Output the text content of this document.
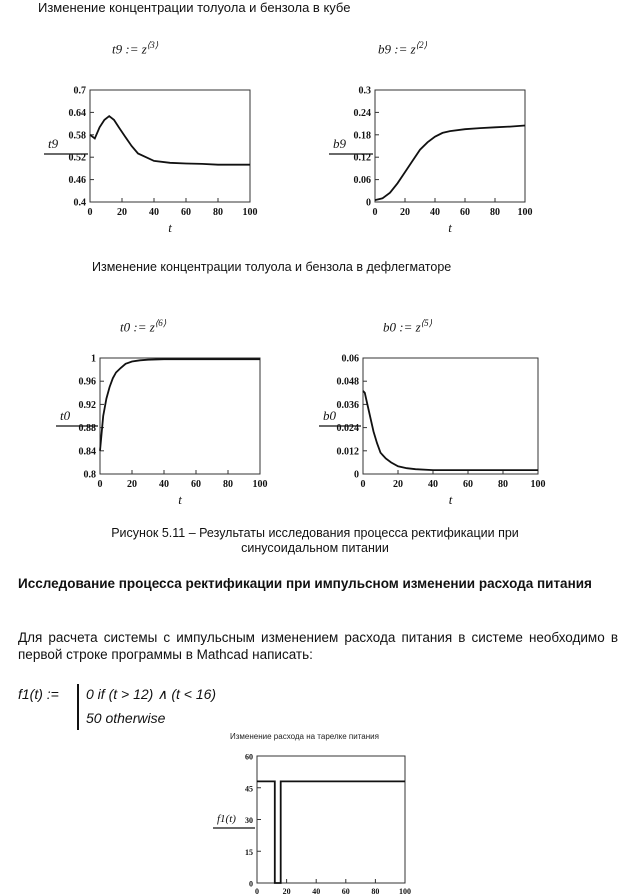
Изменение концентрации толуола и бензола в кубе
t9 := $z^{⟨3⟩}$	b9 := $z^{⟨2⟩}$
Изменение концентрации толуола и бензола в дефлегматоре
t0 := $z^{⟨6⟩}$	b0 := $z^{⟨5⟩}$
0.7
0.64
0.58
0.52
0.46
0.4
0 20 40 60 80 100
t
t9
0.3
0.24
0.18
0.12
0.06
0
0 20 40 60 80 100
t
b9
1
0.96
0.92
0.88
0.84
0.8
0 20 40 60 80 100
t
t0
0.06
0.048
0.036
0.024
0.012
0
0	20	40	60	80 100
t
b0
Рисунок 5.11 – Результаты исследования процесса ректификации при
синусоидальном питании
Исследование процесса ректификации при импульсном изменении расхода питания
Для расчета системы с импульсным изменением расхода питания в системе необходимо в первой строке программы в Mathcad написать:
f1(t) := 0 if (t > 12) ∧ (t < 16)
50 otherwise
Изменение расхода на тарелке питания
60
45
30
15
0
0	20	40	60	80 100
f1(t)
